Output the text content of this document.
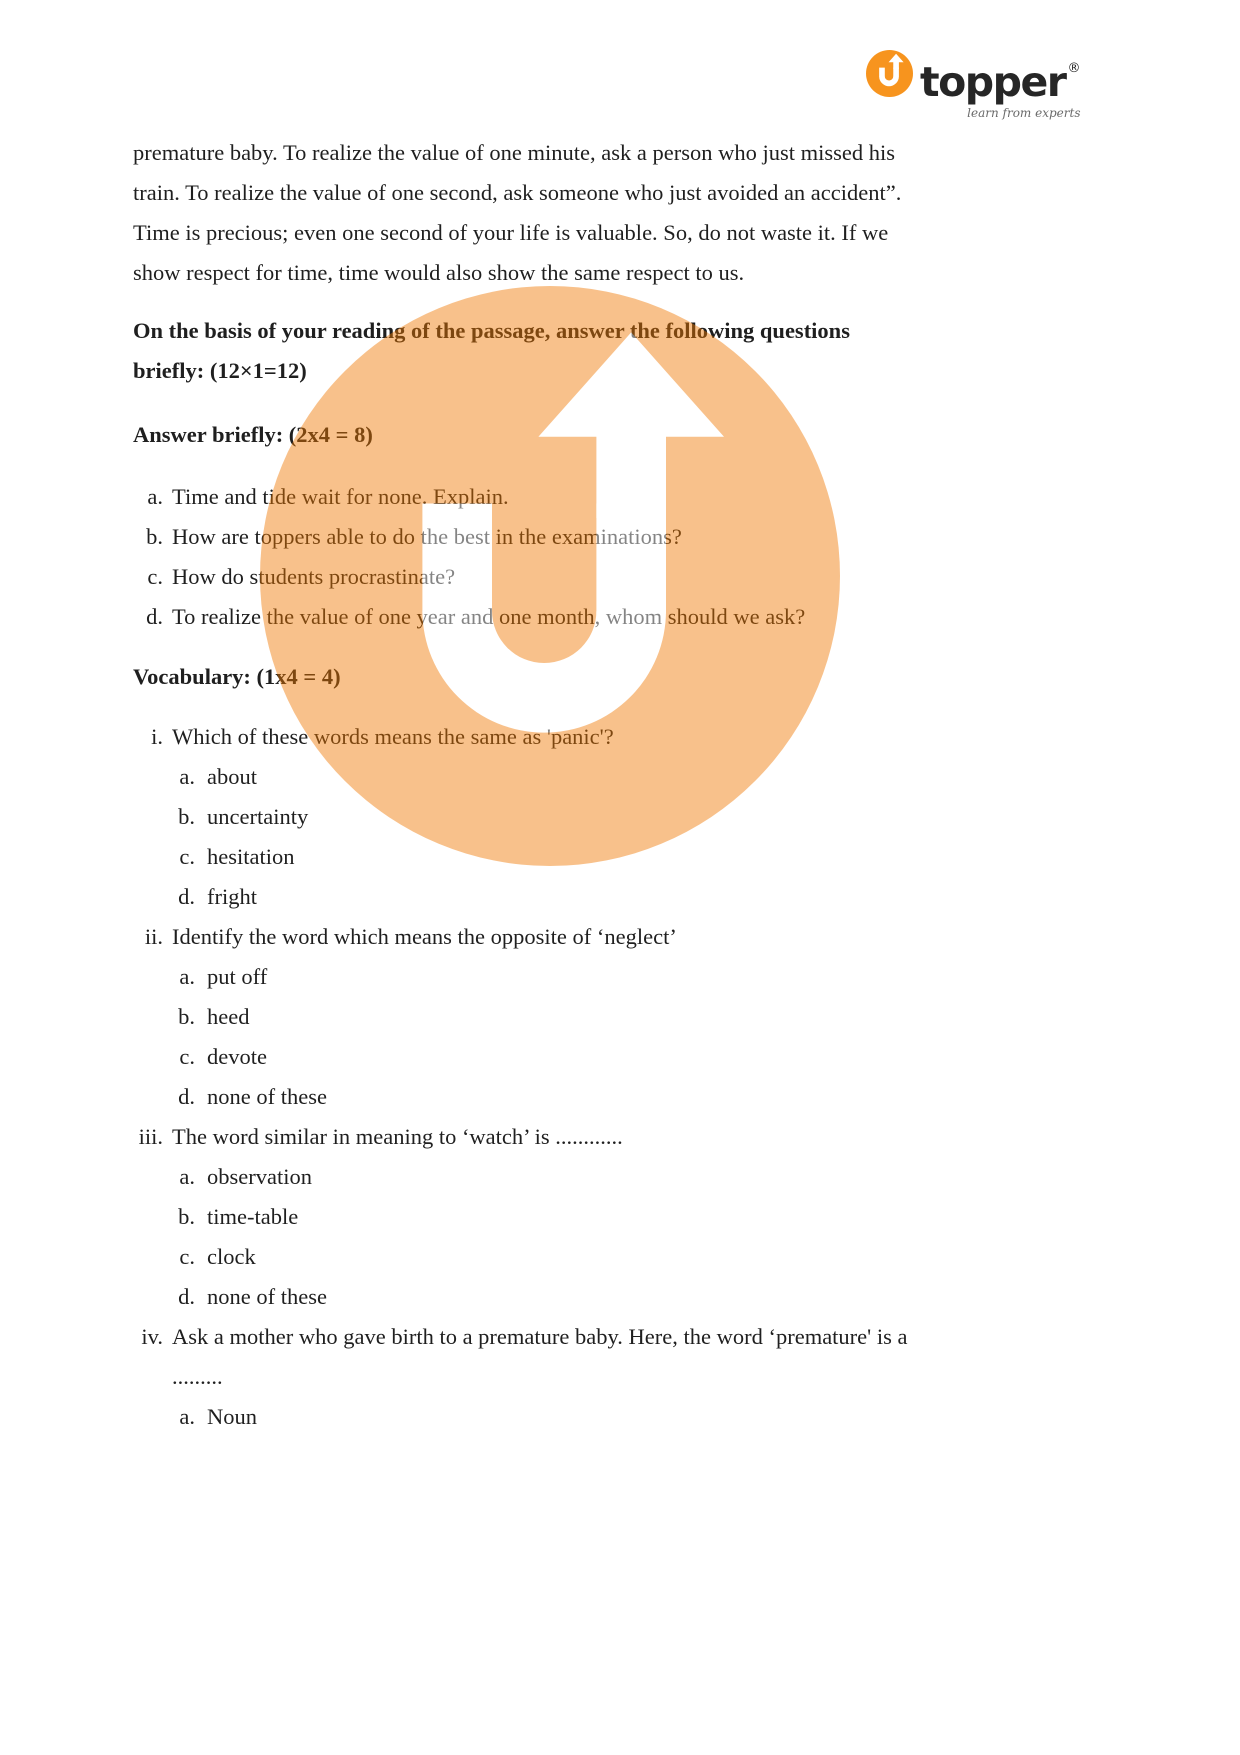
topper ®
learn from experts
premature baby. To realize the value of one minute, ask a person who just missed his
train. To realize the value of one second, ask someone who just avoided an accident”.
Time is precious; even one second of your life is valuable. So, do not waste it. If we
show respect for time, time would also show the same respect to us.
On the basis of your reading of the passage, answer the following questions
briefly: (12×1=12)
Answer briefly: (2x4 = 8)
a. Time and tide wait for none. Explain.
b. How are toppers able to do the best in the examinations?
c. How do students procrastinate?
d. To realize the value of one year and one month, whom should we ask?
Vocabulary: (1x4 = 4)
i. Which of these words means the same as 'panic'?
a. about
b. uncertainty
c. hesitation
d. fright
ii. Identify the word which means the opposite of ‘neglect’
a. put off
b. heed
c. devote
d. none of these
iii. The word similar in meaning to ‘watch’ is ............
a. observation
b. time-table
c. clock
d. none of these
iv. Ask a mother who gave birth to a premature baby. Here, the word ‘premature' is a
.........
a. Noun
